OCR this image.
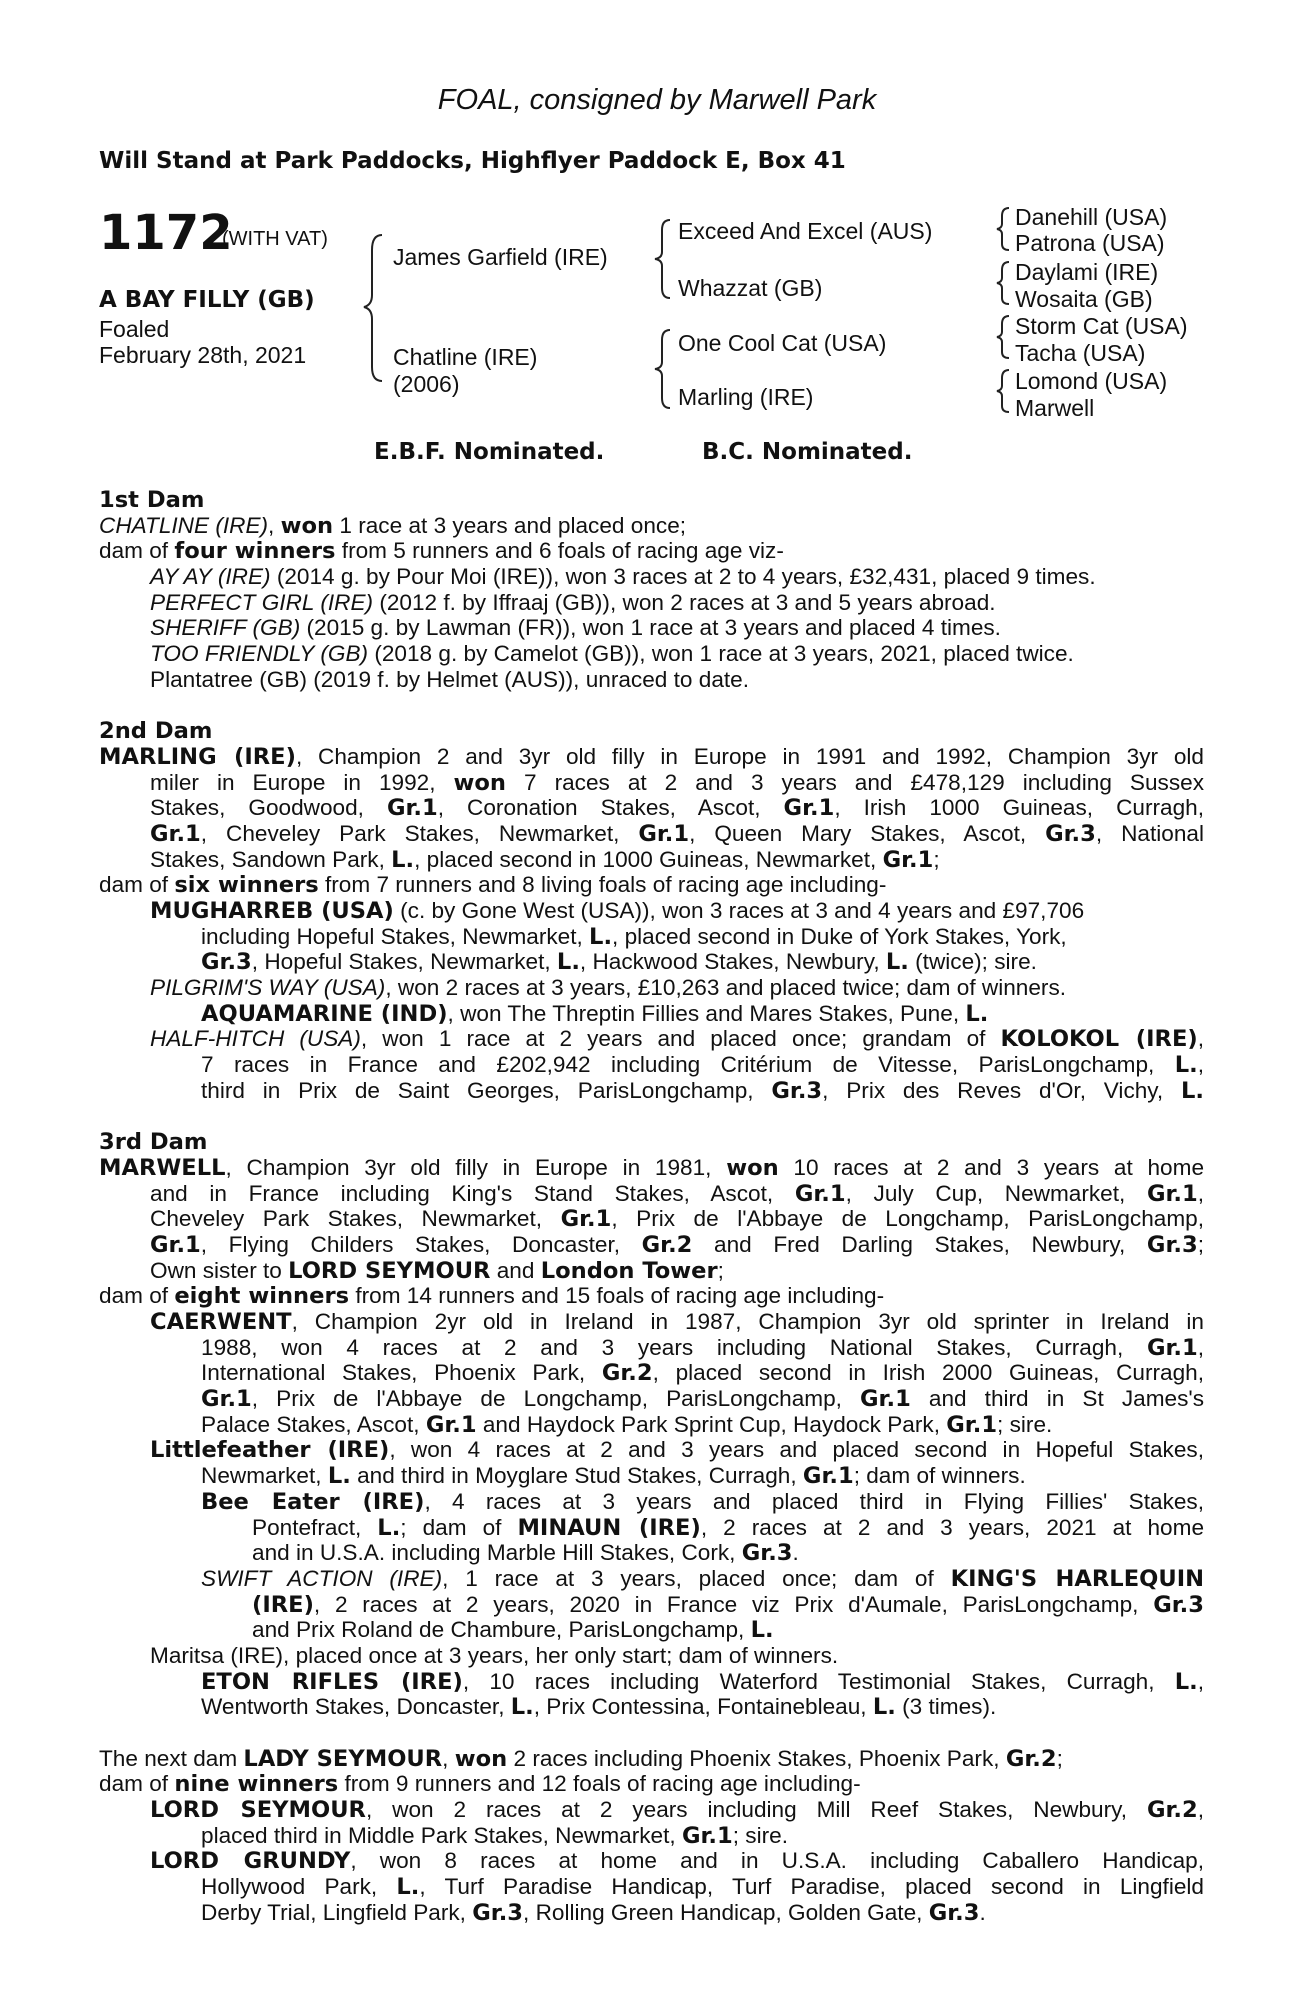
FOAL, consigned by Marwell Park
Will Stand at Park Paddocks, Highflyer Paddock E, Box 41
1172
(WITH VAT)
A BAY FILLY (GB)
Foaled
February 28th, 2021
James Garfield (IRE)
Chatline (IRE)
(2006)
Exceed And Excel (AUS)
Whazzat (GB)
One Cool Cat (USA)
Marling (IRE)
Danehill (USA)
Patrona (USA)
Daylami (IRE)
Wosaita (GB)
Storm Cat (USA)
Tacha (USA)
Lomond (USA)
Marwell
E.B.F. Nominated.	B.C. Nominated.
1st Dam
CHATLINE (IRE), won 1 race at 3 years and placed once;
dam of four winners from 5 runners and 6 foals of racing age viz-
AY AY (IRE) (2014 g. by Pour Moi (IRE)), won 3 races at 2 to 4 years, £32,431, placed 9 times.
PERFECT GIRL (IRE) (2012 f. by Iffraaj (GB)), won 2 races at 3 and 5 years abroad.
SHERIFF (GB) (2015 g. by Lawman (FR)), won 1 race at 3 years and placed 4 times.
TOO FRIENDLY (GB) (2018 g. by Camelot (GB)), won 1 race at 3 years, 2021, placed twice.
Plantatree (GB) (2019 f. by Helmet (AUS)), unraced to date.
2nd Dam
MARLING (IRE), Champion 2 and 3yr old filly in Europe in 1991 and 1992, Champion 3yr old
miler in Europe in 1992, won 7 races at 2 and 3 years and £478,129 including Sussex
Stakes, Goodwood, Gr.1, Coronation Stakes, Ascot, Gr.1, Irish 1000 Guineas, Curragh,
Gr.1, Cheveley Park Stakes, Newmarket, Gr.1, Queen Mary Stakes, Ascot, Gr.3, National
Stakes, Sandown Park, L., placed second in 1000 Guineas, Newmarket, Gr.1;
dam of six winners from 7 runners and 8 living foals of racing age including-
MUGHARREB (USA) (c. by Gone West (USA)), won 3 races at 3 and 4 years and £97,706
including Hopeful Stakes, Newmarket, L., placed second in Duke of York Stakes, York,
Gr.3, Hopeful Stakes, Newmarket, L., Hackwood Stakes, Newbury, L. (twice); sire.
PILGRIM'S WAY (USA), won 2 races at 3 years, £10,263 and placed twice; dam of winners.
AQUAMARINE (IND), won The Threptin Fillies and Mares Stakes, Pune, L.
HALF-HITCH (USA), won 1 race at 2 years and placed once; grandam of KOLOKOL (IRE),
7 races in France and £202,942 including Critérium de Vitesse, ParisLongchamp, L.,
third in Prix de Saint Georges, ParisLongchamp, Gr.3, Prix des Reves d'Or, Vichy, L.
3rd Dam
MARWELL, Champion 3yr old filly in Europe in 1981, won 10 races at 2 and 3 years at home
and in France including King's Stand Stakes, Ascot, Gr.1, July Cup, Newmarket, Gr.1,
Cheveley Park Stakes, Newmarket, Gr.1, Prix de l'Abbaye de Longchamp, ParisLongchamp,
Gr.1, Flying Childers Stakes, Doncaster, Gr.2 and Fred Darling Stakes, Newbury, Gr.3;
Own sister to LORD SEYMOUR and London Tower;
dam of eight winners from 14 runners and 15 foals of racing age including-
CAERWENT, Champion 2yr old in Ireland in 1987, Champion 3yr old sprinter in Ireland in
1988, won 4 races at 2 and 3 years including National Stakes, Curragh, Gr.1,
International Stakes, Phoenix Park, Gr.2, placed second in Irish 2000 Guineas, Curragh,
Gr.1, Prix de l'Abbaye de Longchamp, ParisLongchamp, Gr.1 and third in St James's
Palace Stakes, Ascot, Gr.1 and Haydock Park Sprint Cup, Haydock Park, Gr.1; sire.
Littlefeather (IRE), won 4 races at 2 and 3 years and placed second in Hopeful Stakes,
Newmarket, L. and third in Moyglare Stud Stakes, Curragh, Gr.1; dam of winners.
Bee Eater (IRE), 4 races at 3 years and placed third in Flying Fillies' Stakes,
Pontefract, L.; dam of MINAUN (IRE), 2 races at 2 and 3 years, 2021 at home
and in U.S.A. including Marble Hill Stakes, Cork, Gr.3.
SWIFT ACTION (IRE), 1 race at 3 years, placed once; dam of KING'S HARLEQUIN
(IRE), 2 races at 2 years, 2020 in France viz Prix d'Aumale, ParisLongchamp, Gr.3
and Prix Roland de Chambure, ParisLongchamp, L.
Maritsa (IRE), placed once at 3 years, her only start; dam of winners.
ETON RIFLES (IRE), 10 races including Waterford Testimonial Stakes, Curragh, L.,
Wentworth Stakes, Doncaster, L., Prix Contessina, Fontainebleau, L. (3 times).
The next dam LADY SEYMOUR, won 2 races including Phoenix Stakes, Phoenix Park, Gr.2;
dam of nine winners from 9 runners and 12 foals of racing age including-
LORD SEYMOUR, won 2 races at 2 years including Mill Reef Stakes, Newbury, Gr.2,
placed third in Middle Park Stakes, Newmarket, Gr.1; sire.
LORD GRUNDY, won 8 races at home and in U.S.A. including Caballero Handicap,
Hollywood Park, L., Turf Paradise Handicap, Turf Paradise, placed second in Lingfield
Derby Trial, Lingfield Park, Gr.3, Rolling Green Handicap, Golden Gate, Gr.3.
